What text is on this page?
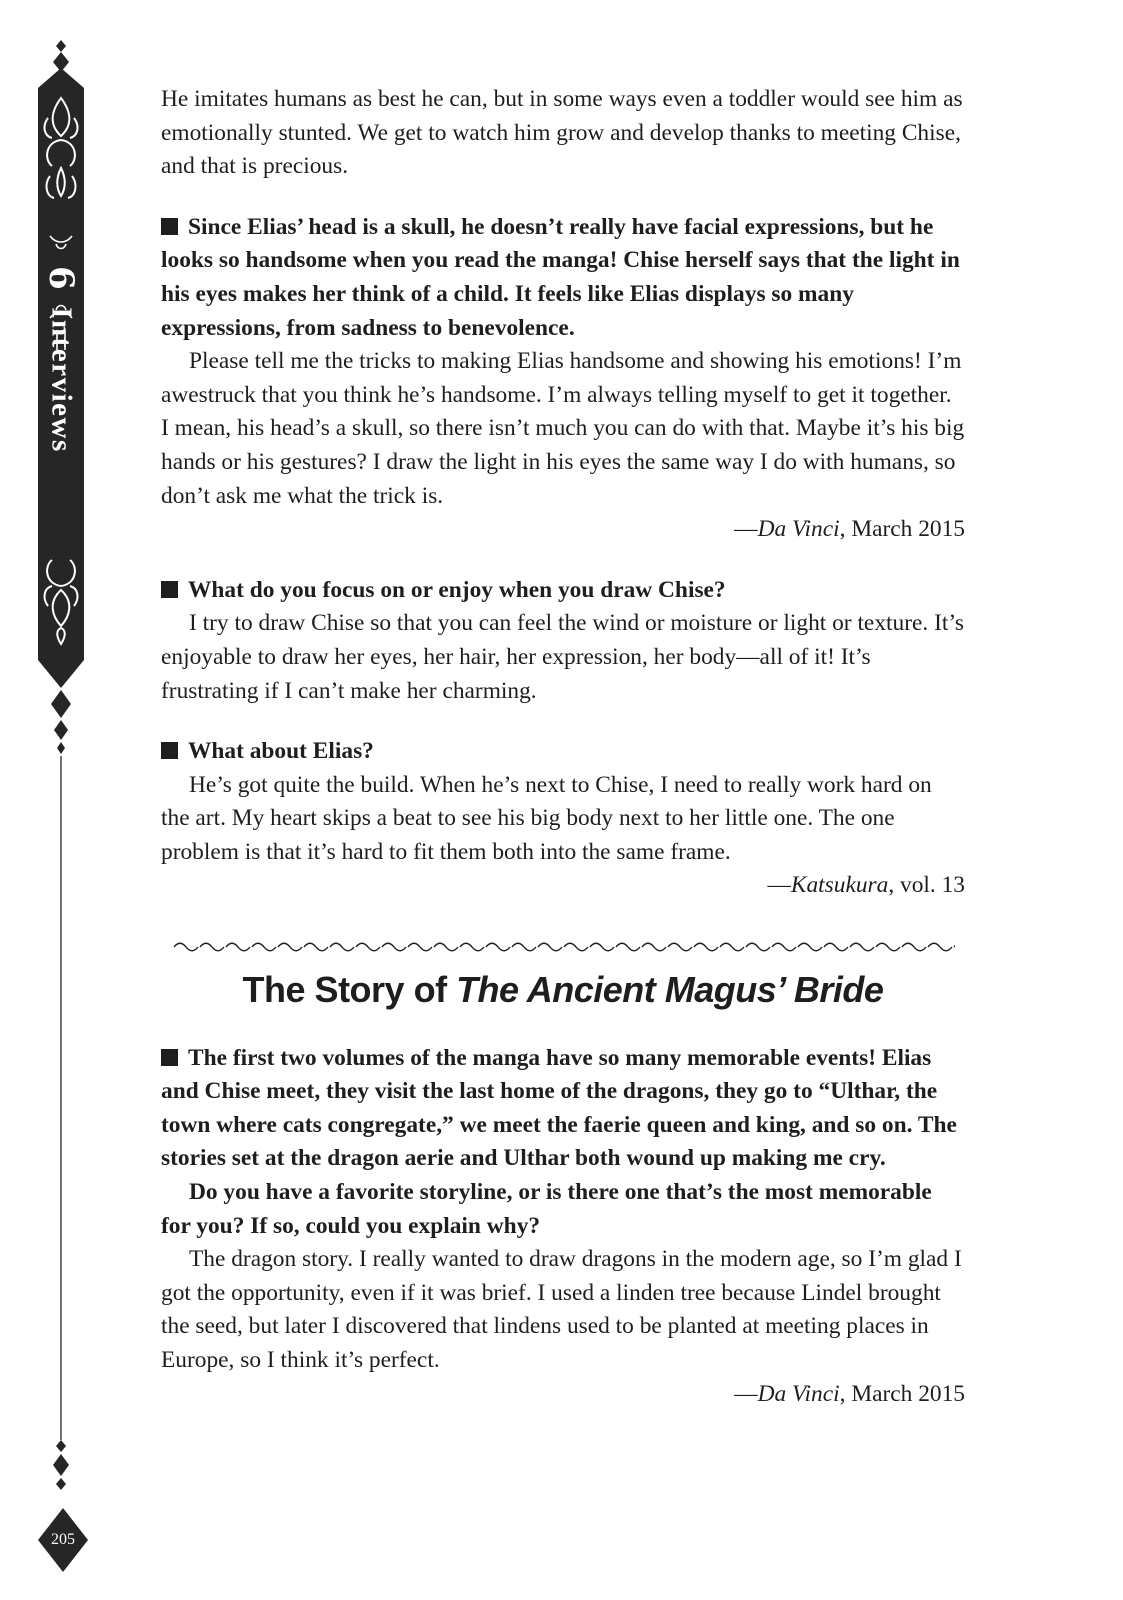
6
Interviews
205

He imitates humans as best he can, but in some ways even a toddler would see him as emotionally stunted. We get to watch him grow and develop thanks to meeting Chise, and that is precious.

Since Elias’ head is a skull, he doesn’t really have facial expressions, but he looks so handsome when you read the manga! Chise herself says that the light in his eyes makes her think of a child. It feels like Elias displays so many expressions, from sadness to benevolence.

Please tell me the tricks to making Elias handsome and showing his emotions! I’m awestruck that you think he’s handsome. I’m always telling myself to get it together. I mean, his head’s a skull, so there isn’t much you can do with that. Maybe it’s his big hands or his gestures? I draw the light in his eyes the same way I do with humans, so don’t ask me what the trick is.

—Da Vinci, March 2015

What do you focus on or enjoy when you draw Chise?

I try to draw Chise so that you can feel the wind or moisture or light or texture. It’s enjoyable to draw her eyes, her hair, her expression, her body—all of it! It’s frustrating if I can’t make her charming.

What about Elias?

He’s got quite the build. When he’s next to Chise, I need to really work hard on the art. My heart skips a beat to see his big body next to her little one. The one problem is that it’s hard to fit them both into the same frame.

—Katsukura, vol. 13

The Story of The Ancient Magus’ Bride

The first two volumes of the manga have so many memorable events! Elias and Chise meet, they visit the last home of the dragons, they go to “Ulthar, the town where cats congregate,” we meet the faerie queen and king, and so on. The stories set at the dragon aerie and Ulthar both wound up making me cry.

Do you have a favorite storyline, or is there one that’s the most memorable for you? If so, could you explain why?

The dragon story. I really wanted to draw dragons in the modern age, so I’m glad I got the opportunity, even if it was brief. I used a linden tree because Lindel brought the seed, but later I discovered that lindens used to be planted at meeting places in Europe, so I think it’s perfect.

—Da Vinci, March 2015
